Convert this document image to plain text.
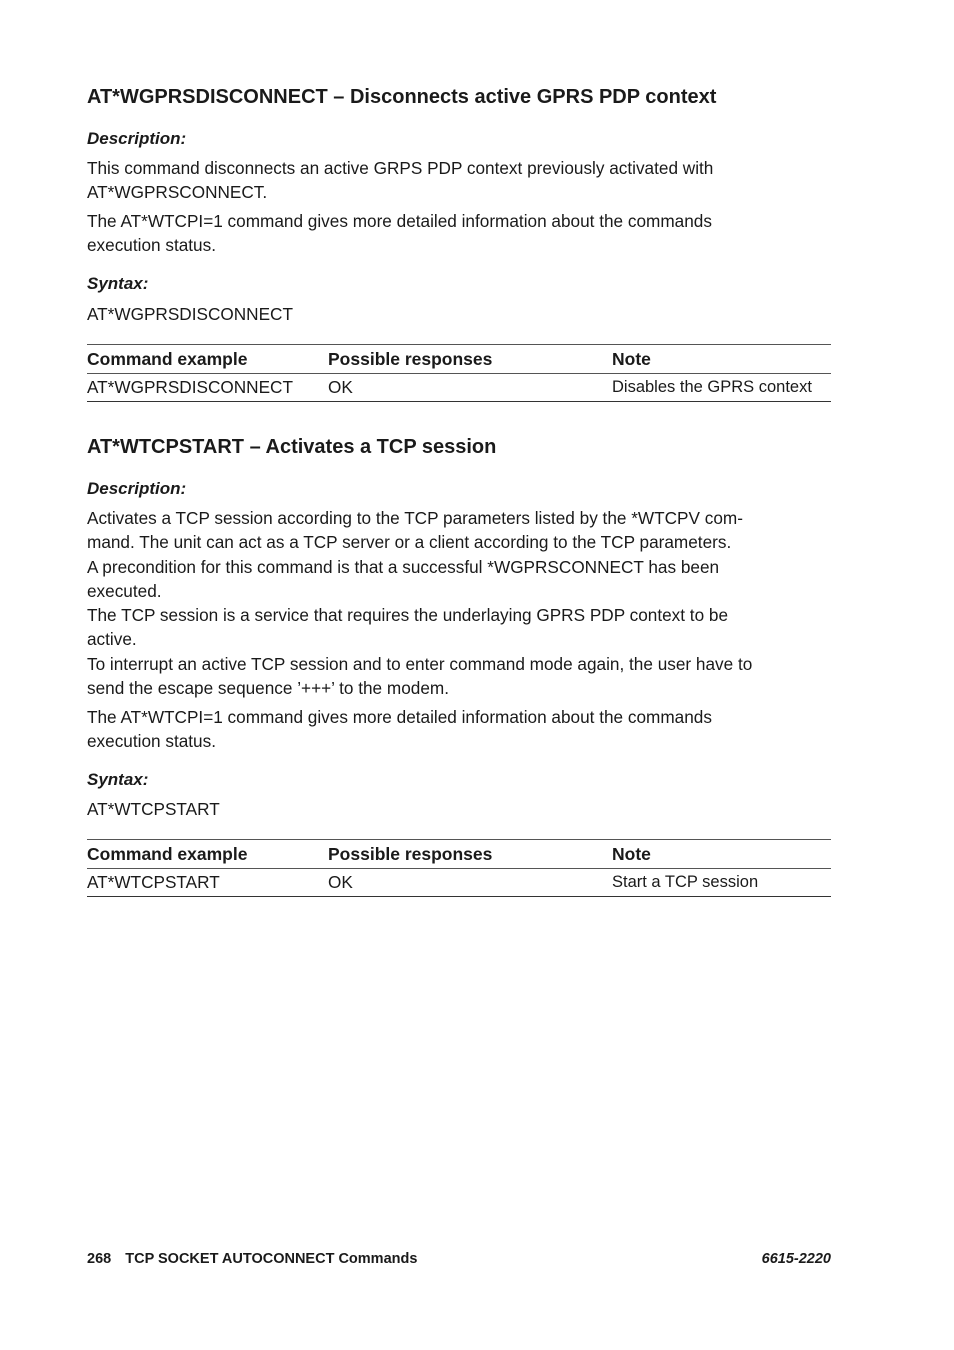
AT*WGPRSDISCONNECT – Disconnects active GPRS PDP context

Description:

This command disconnects an active GRPS PDP context previously activated with
AT*WGPRSCONNECT.

The AT*WTCPI=1 command gives more detailed information about the commands
execution status.

Syntax:

AT*WGPRSDISCONNECT

Command example	Possible responses	Note
AT*WGPRSDISCONNECT	OK	Disables the GPRS context
AT*WTCPSTART – Activates a TCP session

Description:

Activates a TCP session according to the TCP parameters listed by the *WTCPV com-
mand. The unit can act as a TCP server or a client according to the TCP parameters.
A precondition for this command is that a successful *WGPRSCONNECT has been
executed.
The TCP session is a service that requires the underlaying GPRS PDP context to be
active.
To interrupt an active TCP session and to enter command mode again, the user have to
send the escape sequence ’+++’ to the modem.

The AT*WTCPI=1 command gives more detailed information about the commands
execution status.

Syntax:

AT*WTCPSTART

Command example	Possible responses	Note
AT*WTCPSTART	OK	Start a TCP session
268 TCP SOCKET AUTOCONNECT Commands	6615-2220
